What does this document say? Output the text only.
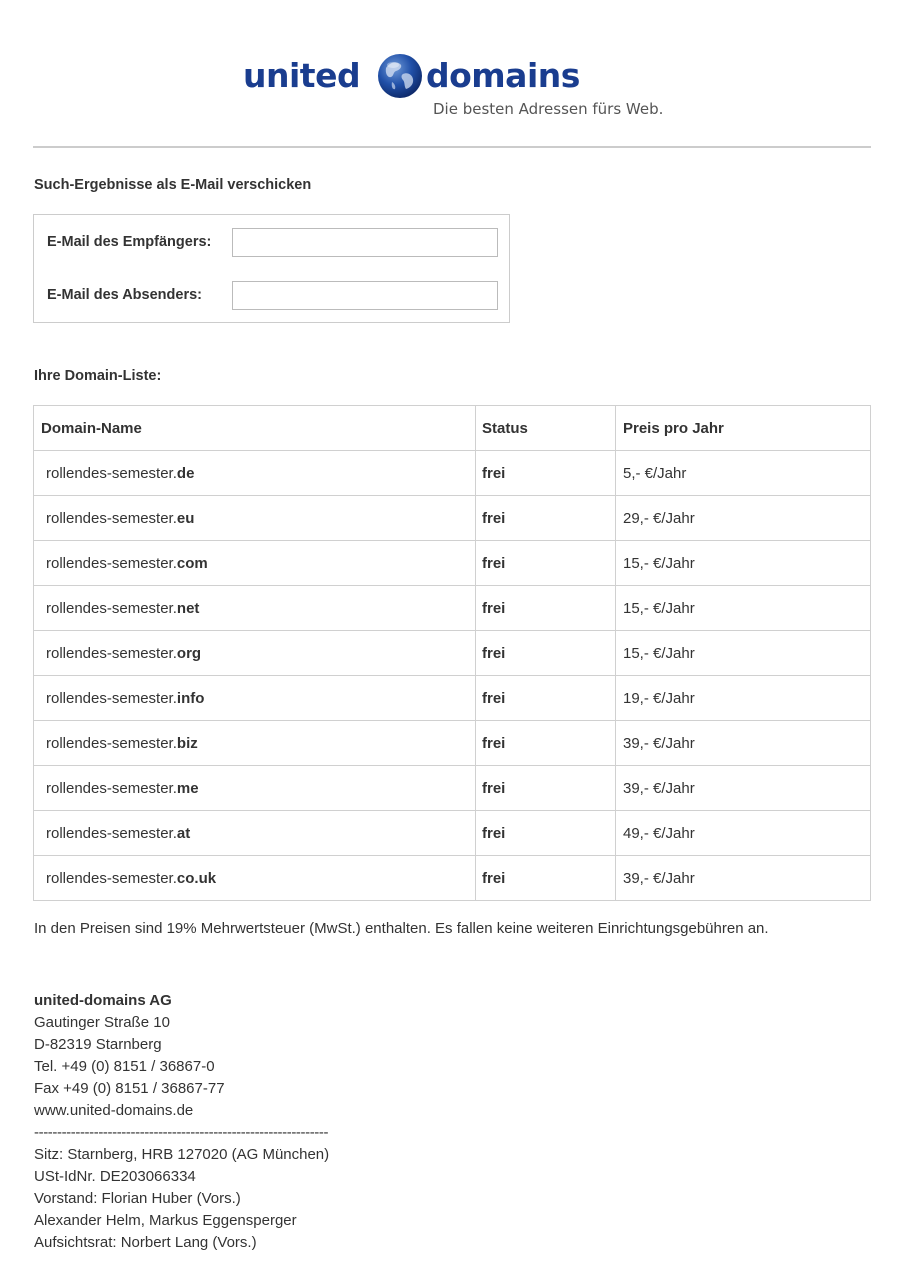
united domains
Die besten Adressen fürs Web.
Such-Ergebnisse als E-Mail verschicken
E-Mail des Empfängers:
E-Mail des Absenders:
Ihre Domain-Liste:
Domain-Name	Status	Preis pro Jahr
rollendes-semester.de	frei	5,- €/Jahr
rollendes-semester.eu	frei	29,- €/Jahr
rollendes-semester.com	frei	15,- €/Jahr
rollendes-semester.net	frei	15,- €/Jahr
rollendes-semester.org	frei	15,- €/Jahr
rollendes-semester.info	frei	19,- €/Jahr
rollendes-semester.biz	frei	39,- €/Jahr
rollendes-semester.me	frei	39,- €/Jahr
rollendes-semester.at	frei	49,- €/Jahr
rollendes-semester.co.uk	frei	39,- €/Jahr
In den Preisen sind 19% Mehrwertsteuer (MwSt.) enthalten. Es fallen keine weiteren Einrichtungsgebühren an.
united-domains AG
Gautinger Straße 10
D-82319 Starnberg
Tel. +49 (0) 8151 / 36867-0
Fax +49 (0) 8151 / 36867-77
www.united-domains.de
----------------------------------------------------------------
Sitz: Starnberg, HRB 127020 (AG München)
USt-IdNr. DE203066334
Vorstand: Florian Huber (Vors.)
Alexander Helm, Markus Eggensperger
Aufsichtsrat: Norbert Lang (Vors.)
